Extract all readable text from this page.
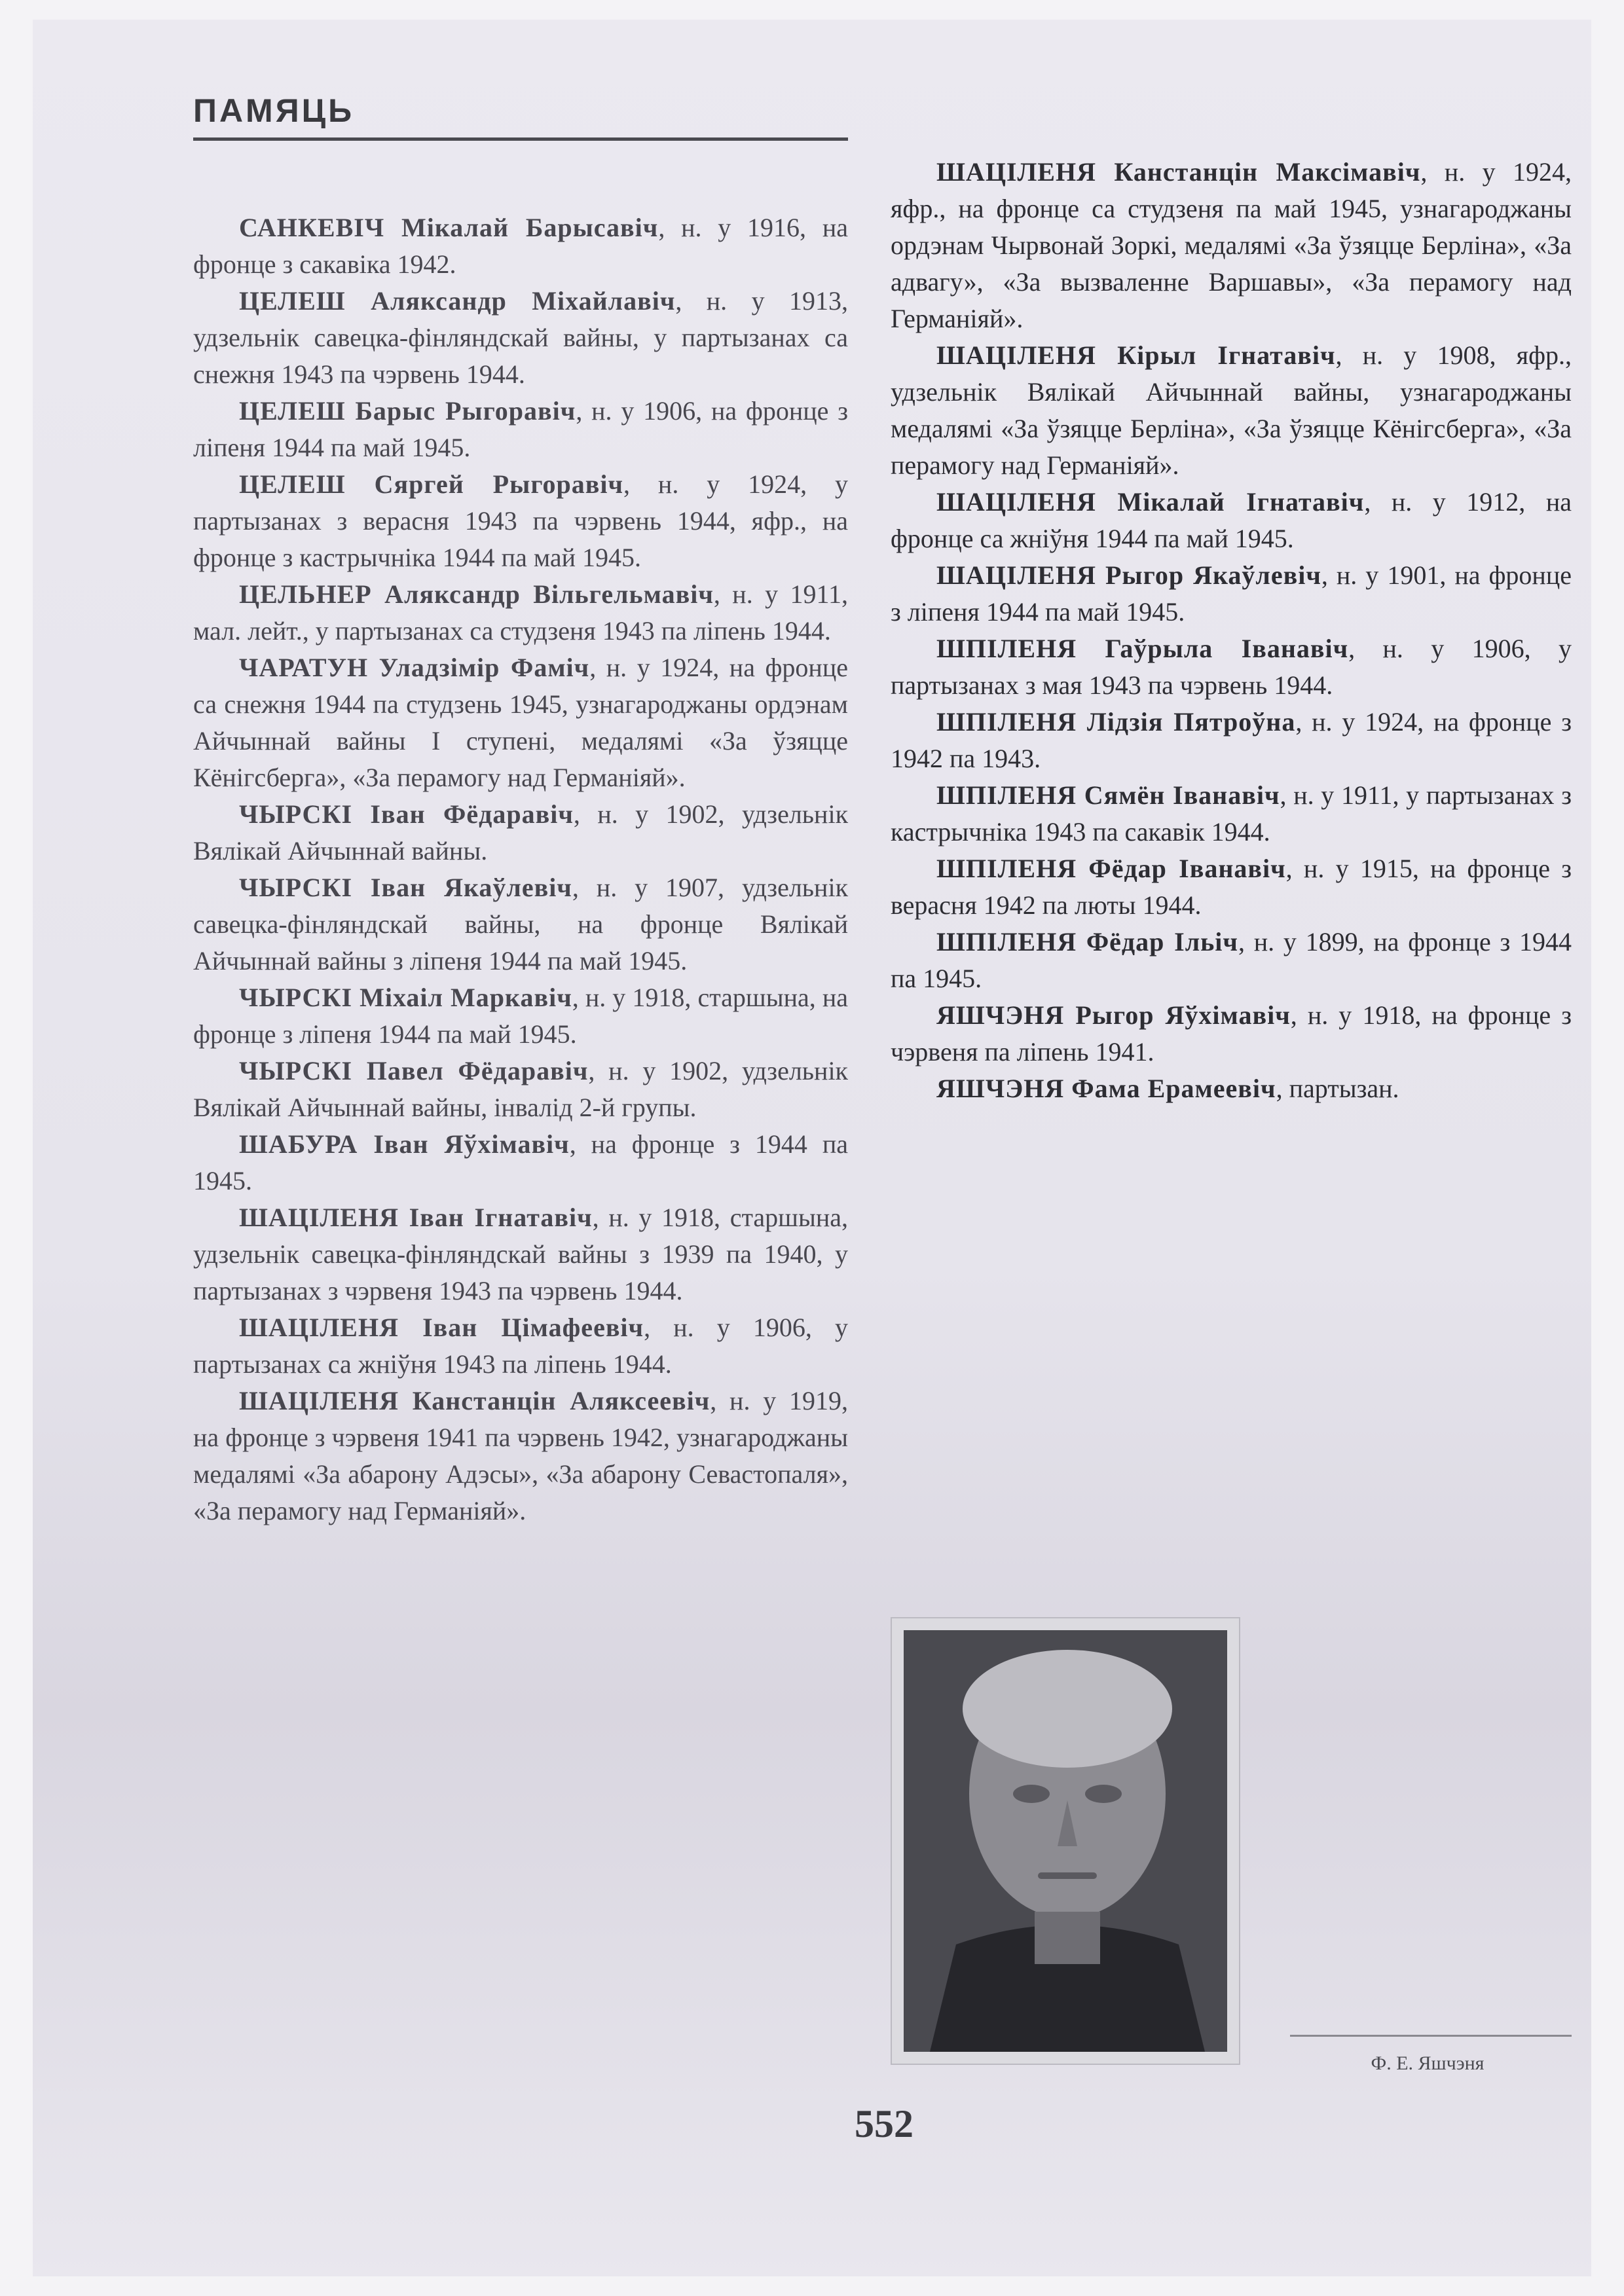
ПАМЯЦЬ

САНКЕВІЧ Мікалай Барысавіч, н. у 1916, на фронце з сакавіка 1942.

ЦЕЛЕШ Аляксандр Міхайлавіч, н. у 1913, удзельнік савецка-фінляндскай вайны, у партызанах са снежня 1943 па чэрвень 1944.

ЦЕЛЕШ Барыс Рыгоравіч, н. у 1906, на фронце з ліпеня 1944 па май 1945.

ЦЕЛЕШ Сяргей Рыгоравіч, н. у 1924, у партызанах з верасня 1943 па чэрвень 1944, яфр., на фронце з кастрычніка 1944 па май 1945.

ЦЕЛЬНЕР Аляксандр Вільгельмавіч, н. у 1911, мал. лейт., у партызанах са студзеня 1943 па ліпень 1944.

ЧАРАТУН Уладзімір Фаміч, н. у 1924, на фронце са снежня 1944 па студзень 1945, узнагароджаны ордэнам Айчыннай вайны І ступені, медалямі «За ўзяцце Кёнігсберга», «За перамогу над Германіяй».

ЧЫРСКІ Іван Фёдаравіч, н. у 1902, удзельнік Вялікай Айчыннай вайны.

ЧЫРСКІ Іван Якаўлевіч, н. у 1907, удзельнік савецка-фінляндскай вайны, на фронце Вялікай Айчыннай вайны з ліпеня 1944 па май 1945.

ЧЫРСКІ Міхаіл Маркавіч, н. у 1918, старшына, на фронце з ліпеня 1944 па май 1945.

ЧЫРСКІ Павел Фёдаравіч, н. у 1902, удзельнік Вялікай Айчыннай вайны, інвалід 2-й групы.

ШАБУРА Іван Яўхімавіч, на фронце з 1944 па 1945.

ШАЦІЛЕНЯ Іван Ігнатавіч, н. у 1918, старшына, удзельнік савецка-фінляндскай вайны з 1939 па 1940, у партызанах з чэрвеня 1943 па чэрвень 1944.

ШАЦІЛЕНЯ Іван Цімафеевіч, н. у 1906, у партызанах са жніўня 1943 па ліпень 1944.

ШАЦІЛЕНЯ Канстанцін Аляксеевіч, н. у 1919, на фронце з чэрвеня 1941 па чэрвень 1942, узнагароджаны медалямі «За абарону Адэсы», «За абарону Севастопаля», «За перамогу над Германіяй».

ШАЦІЛЕНЯ Канстанцін Максімавіч, н. у 1924, яфр., на фронце са студзеня па май 1945, узнагароджаны ордэнам Чырвонай Зоркі, медалямі «За ўзяцце Берліна», «За адвагу», «За вызваленне Варшавы», «За перамогу над Германіяй».

ШАЦІЛЕНЯ Кірыл Ігнатавіч, н. у 1908, яфр., удзельнік Вялікай Айчыннай вайны, узнагароджаны медалямі «За ўзяцце Берліна», «За ўзяцце Кёнігсберга», «За перамогу над Германіяй».

ШАЦІЛЕНЯ Мікалай Ігнатавіч, н. у 1912, на фронце са жніўня 1944 па май 1945.

ШАЦІЛЕНЯ Рыгор Якаўлевіч, н. у 1901, на фронце з ліпеня 1944 па май 1945.

ШПІЛЕНЯ Гаўрыла Іванавіч, н. у 1906, у партызанах з мая 1943 па чэрвень 1944.

ШПІЛЕНЯ Лідзія Пятроўна, н. у 1924, на фронце з 1942 па 1943.

ШПІЛЕНЯ Сямён Іванавіч, н. у 1911, у партызанах з кастрычніка 1943 па сакавік 1944.

ШПІЛЕНЯ Фёдар Іванавіч, н. у 1915, на фронце з верасня 1942 па люты 1944.

ШПІЛЕНЯ Фёдар Ільіч, н. у 1899, на фронце з 1944 па 1945.

ЯШЧЭНЯ Рыгор Яўхімавіч, н. у 1918, на фронце з чэрвеня па ліпень 1941.

ЯШЧЭНЯ Фама Ерамеевіч, партызан.

Ф. Е. Яшчэня
552
